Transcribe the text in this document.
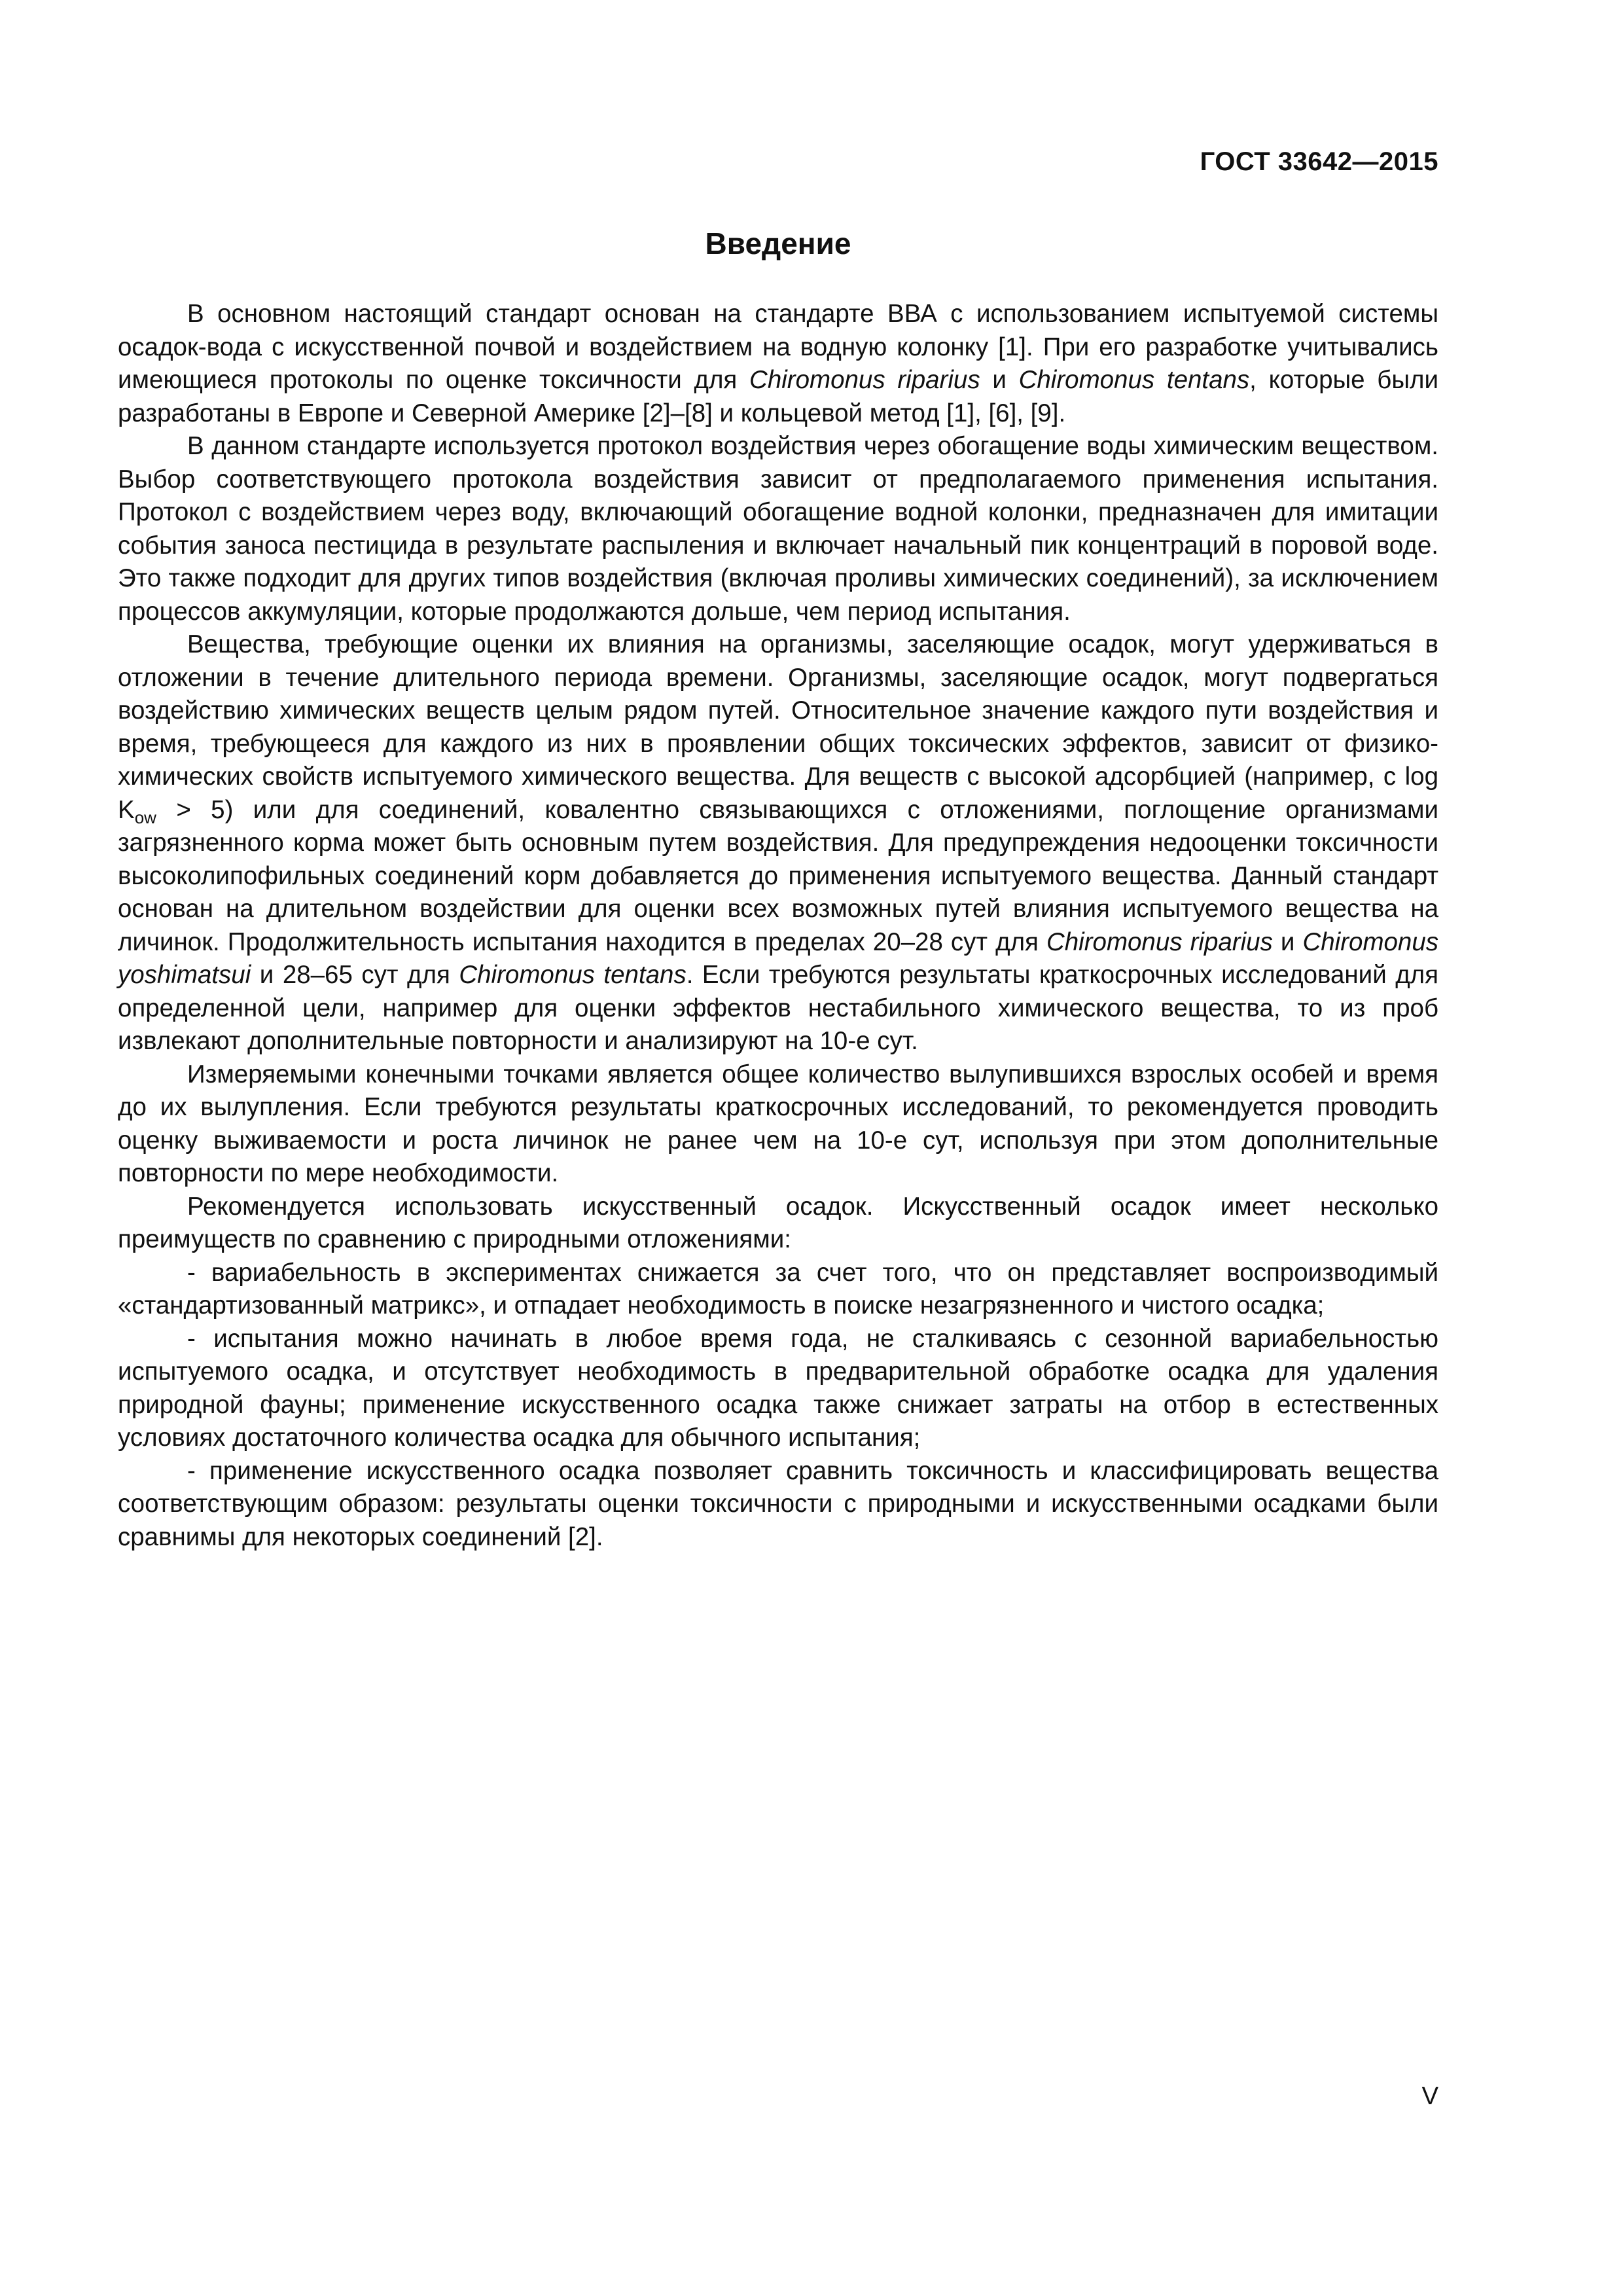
ГОСТ 33642—2015
Введение

В основном настоящий стандарт основан на стандарте ВВА с использованием испытуемой системы осадок-вода с искусственной почвой и воздействием на водную колонку [1]. При его разработке учитывались имеющиеся протоколы по оценке токсичности для Chiromonus riparius и Chiromonus tentans, которые были разработаны в Европе и Северной Америке [2]–[8] и кольцевой метод [1], [6], [9].

В данном стандарте используется протокол воздействия через обогащение воды химическим веществом. Выбор соответствующего протокола воздействия зависит от предполагаемого применения испытания. Протокол с воздействием через воду, включающий обогащение водной колонки, предназначен для имитации события заноса пестицида в результате распыления и включает начальный пик концентраций в поровой воде. Это также подходит для других типов воздействия (включая проливы химических соединений), за исключением процессов аккумуляции, которые продолжаются дольше, чем период испытания.

Вещества, требующие оценки их влияния на организмы, заселяющие осадок, могут удерживаться в отложении в течение длительного периода времени. Организмы, заселяющие осадок, могут подвергаться воздействию химических веществ целым рядом путей. Относительное значение каждого пути воздействия и время, требующееся для каждого из них в проявлении общих токсических эффектов, зависит от физико-химических свойств испытуемого химического вещества. Для веществ с высокой адсорбцией (например, с $\log K_{ow} > 5$) или для соединений, ковалентно связывающихся с отложениями, поглощение организмами загрязненного корма может быть основным путем воздействия. Для предупреждения недооценки токсичности высоколипофильных соединений корм добавляется до применения испытуемого вещества. Данный стандарт основан на длительном воздействии для оценки всех возможных путей влияния испытуемого вещества на личинок. Продолжительность испытания находится в пределах 20–28 сут для Chiromonus riparius и Chiromonus yoshimatsui и 28–65 сут для Chiromonus tentans. Если требуются результаты краткосрочных исследований для определенной цели, например для оценки эффектов нестабильного химического вещества, то из проб извлекают дополнительные повторности и анализируют на 10-е сут.

Измеряемыми конечными точками является общее количество вылупившихся взрослых особей и время до их вылупления. Если требуются результаты краткосрочных исследований, то рекомендуется проводить оценку выживаемости и роста личинок не ранее чем на 10-е сут, используя при этом дополнительные повторности по мере необходимости.

Рекомендуется использовать искусственный осадок. Искусственный осадок имеет несколько преимуществ по сравнению с природными отложениями:

- вариабельность в экспериментах снижается за счет того, что он представляет воспроизводимый «стандартизованный матрикс», и отпадает необходимость в поиске незагрязненного и чистого осадка;

- испытания можно начинать в любое время года, не сталкиваясь с сезонной вариабельностью испытуемого осадка, и отсутствует необходимость в предварительной обработке осадка для удаления природной фауны; применение искусственного осадка также снижает затраты на отбор в естественных условиях достаточного количества осадка для обычного испытания;

- применение искусственного осадка позволяет сравнить токсичность и классифицировать вещества соответствующим образом: результаты оценки токсичности с природными и искусственными осадками были сравнимы для некоторых соединений [2].

V
